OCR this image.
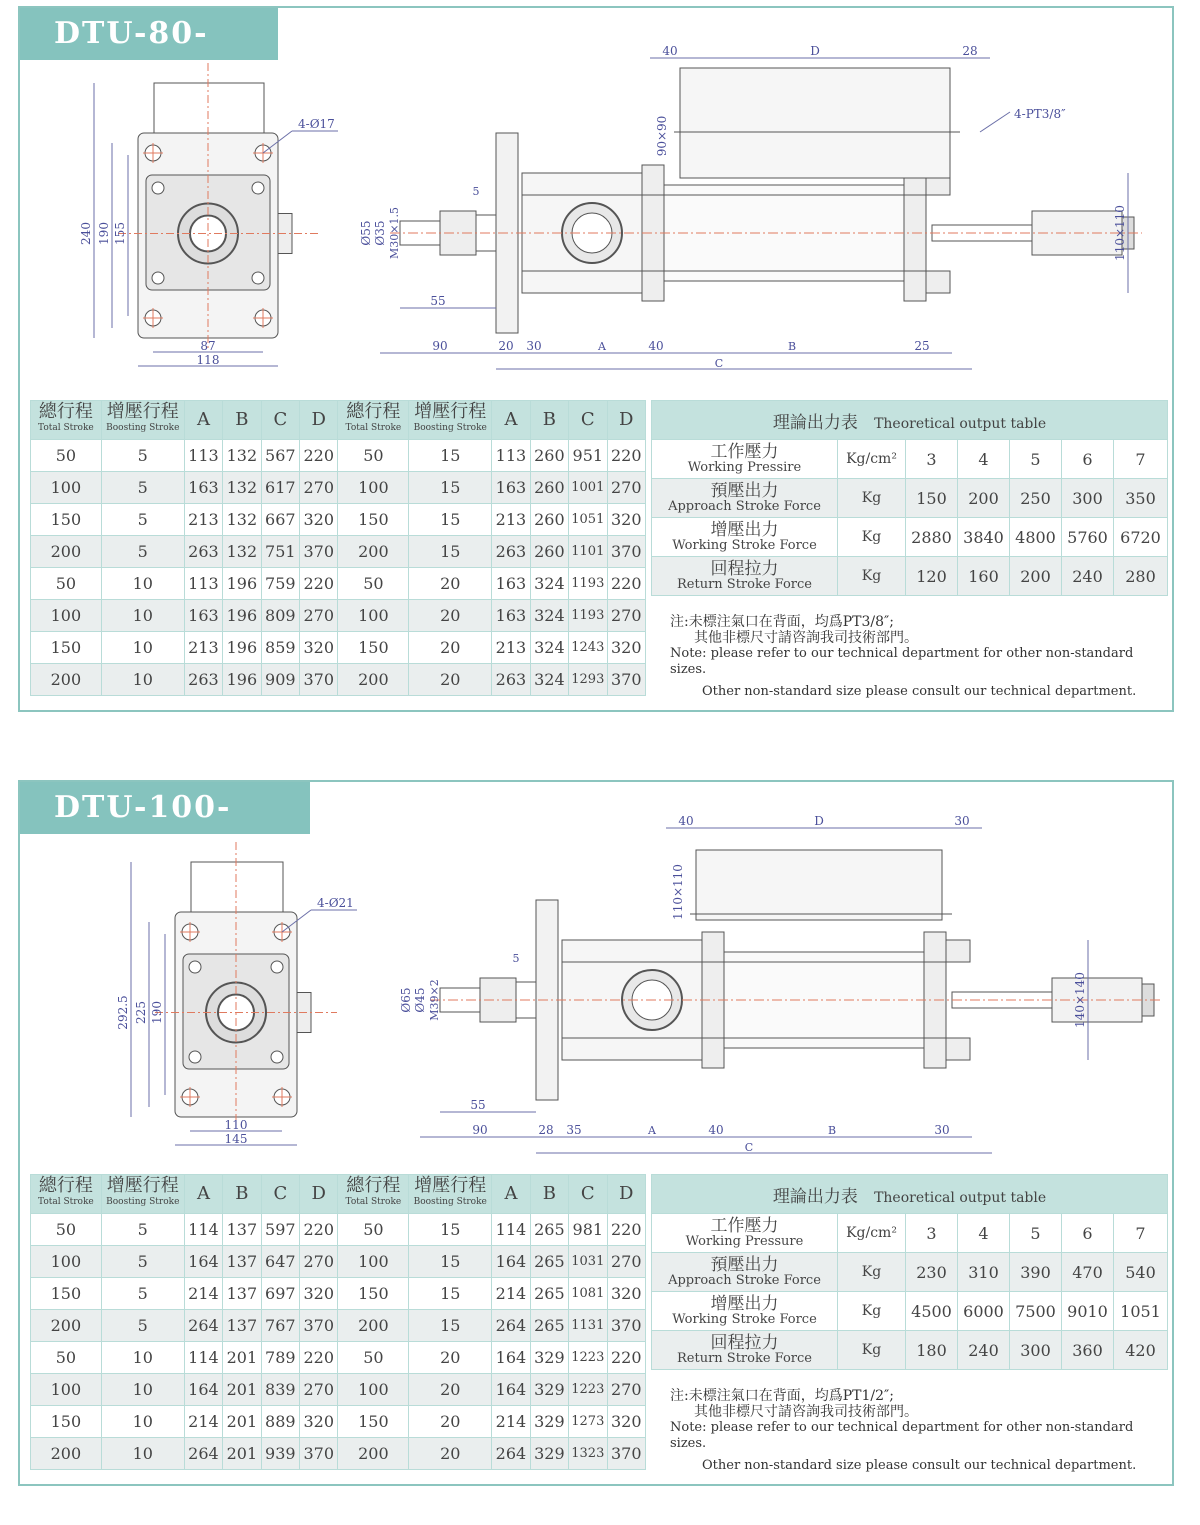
DTU-80-5T
240 190 155
87
118
4-Ø17
40	D	28
4-PT3/8″
90×90
Ø55 Ø35 M30×1.5
5
55
90	20 30	A	40	B	25
C
110×110
總行程
Total Stroke	增壓行程
Boosting Stroke	A	B	C	D	總行程
Total Stroke	增壓行程
Boosting Stroke	A	B	C	D
50	5	113	132	567	220	50	15	113	260	951	220
100	5	163	132	617	270	100	15	163	260	1001	270
150	5	213	132	667	320	150	15	213	260	1051	320
200	5	263	132	751	370	200	15	263	260	1101	370
50	10	113	196	759	220	50	20	163	324	1193	220
100	10	163	196	809	270	100	20	163	324	1193	270
150	10	213	196	859	320	150	20	213	324	1243	320
200	10	263	196	909	370	200	20	263	324	1293	370
理論出力表 Theoretical output table						

工作壓力
Working Pressire	Kg/cm²	3	4	5	6	7

預壓出力
Approach Stroke Force	Kg	150	200	250	300	350

增壓出力
Working Stroke Force	Kg	2880	3840	4800	5760	6720

回程拉力
Return Stroke Force	Kg	120	160	200	240	280
注:未標注氣口在背面，均爲PT3/8″;
其他非標尺寸請咨詢我司技術部門。
Note: please refer to our technical department for other non-standard sizes.
Other non-standard size please consult our technical department.
DTU-100-10T
292.5 225 190
110
145
4-Ø21
40	D	30
110×110
Ø65 Ø45 M39×2
5
55
90	28 35	A	40	B	30
C
140×140
總行程
Total Stroke	增壓行程
Boosting Stroke	A	B	C	D	總行程
Total Stroke	增壓行程
Boosting Stroke	A	B	C	D
50	5	114	137	597	220	50	15	114	265	981	220
100	5	164	137	647	270	100	15	164	265	1031	270
150	5	214	137	697	320	150	15	214	265	1081	320
200	5	264	137	767	370	200	15	264	265	1131	370
50	10	114	201	789	220	50	20	164	329	1223	220
100	10	164	201	839	270	100	20	164	329	1223	270
150	10	214	201	889	320	150	20	214	329	1273	320
200	10	264	201	939	370	200	20	264	329	1323	370
理論出力表 Theoretical output table						

工作壓力
Working Pressure	Kg/cm²	3	4	5	6	7

預壓出力
Approach Stroke Force	Kg	230	310	390	470	540

增壓出力
Working Stroke Force	Kg	4500	6000	7500	9010	1051

回程拉力
Return Stroke Force	Kg	180	240	300	360	420
注:未標注氣口在背面，均爲PT1/2″;
其他非標尺寸請咨詢我司技術部門。
Note: please refer to our technical department for other non-standard sizes.
Other non-standard size please consult our technical department.
